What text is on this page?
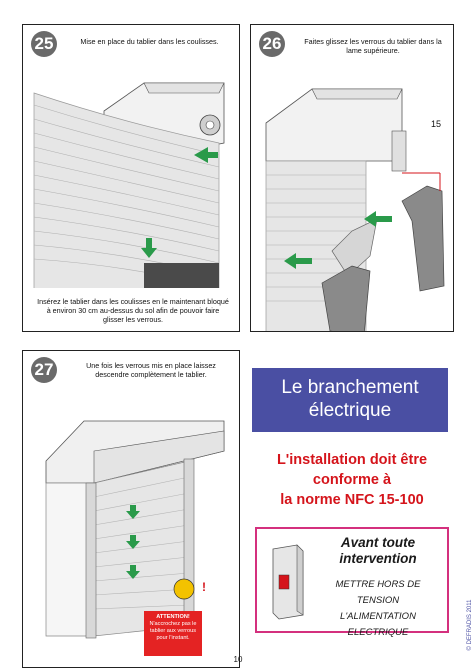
25	Mise en place du tablier dans les coulisses.
Insérez le tablier dans les coulisses en le maintenant bloqué à environ 30 cm au-dessus du sol afin de pouvoir faire glisser les verrous.
26	Faites glissez les verrous du tablier dans la lame supérieure.
15
27	Une fois les verrous mis en place laissez descendre complètement le tablier.
!
ATTENTION!
N'accrochez pas le tablier aux verrous pour l'instant.
Le branchement
électrique
L'installation doit être
conforme à
la norme NFC 15-100
Avant toute
intervention
METTRE HORS DE
TENSION
L'ALIMENTATION ELECTRIQUE	© DEFRADIS 2011
10
